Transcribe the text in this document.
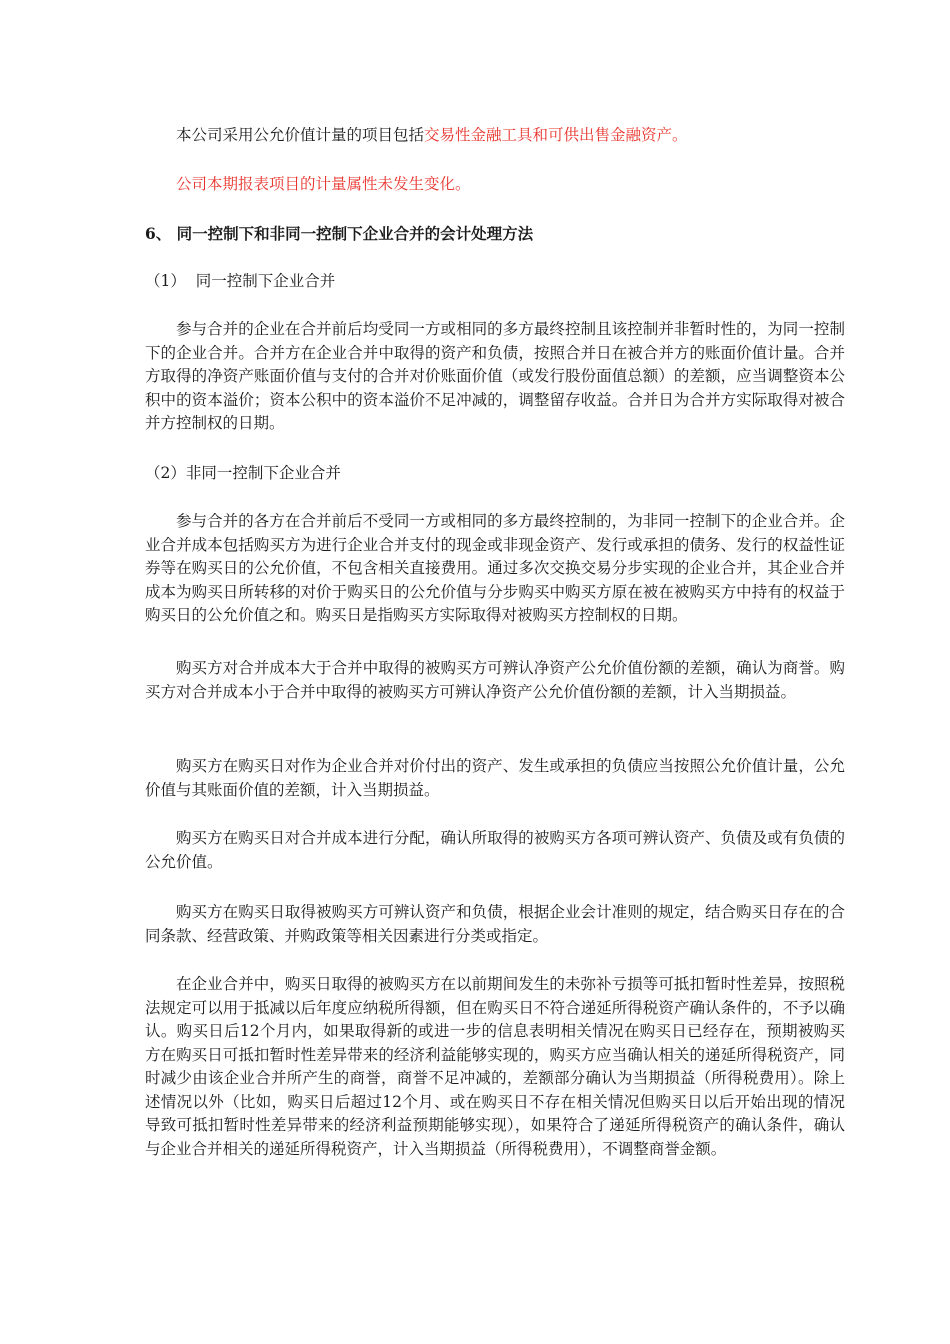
本公司采用公允价值计量的项目包括交易性金融工具和可供出售金融资产。

公司本期报表项目的计量属性未发生变化。

6、 同一控制下和非同一控制下企业合并的会计处理方法

（1）  同一控制下企业合并

参与合并的企业在合并前后均受同一方或相同的多方最终控制且该控制并非暂时性的，为同一控制下的企业合并。合并方在企业合并中取得的资产和负债，按照合并日在被合并方的账面价值计量。合并方取得的净资产账面价值与支付的合并对价账面价值（或发行股份面值总额）的差额，应当调整资本公积中的资本溢价；资本公积中的资本溢价不足冲减的，调整留存收益。合并日为合并方实际取得对被合并方控制权的日期。

（2）非同一控制下企业合并

参与合并的各方在合并前后不受同一方或相同的多方最终控制的，为非同一控制下的企业合并。企业合并成本包括购买方为进行企业合并支付的现金或非现金资产、发行或承担的债务、发行的权益性证券等在购买日的公允价值，不包含相关直接费用。通过多次交换交易分步实现的企业合并，其企业合并成本为购买日所转移的对价于购买日的公允价值与分步购买中购买方原在被在被购买方中持有的权益于购买日的公允价值之和。购买日是指购买方实际取得对被购买方控制权的日期。

购买方对合并成本大于合并中取得的被购买方可辨认净资产公允价值份额的差额，确认为商誉。购买方对合并成本小于合并中取得的被购买方可辨认净资产公允价值份额的差额，计入当期损益。

购买方在购买日对作为企业合并对价付出的资产、发生或承担的负债应当按照公允价值计量，公允价值与其账面价值的差额，计入当期损益。

购买方在购买日对合并成本进行分配，确认所取得的被购买方各项可辨认资产、负债及或有负债的公允价值。

购买方在购买日取得被购买方可辨认资产和负债，根据企业会计准则的规定，结合购买日存在的合同条款、经营政策、并购政策等相关因素进行分类或指定。

在企业合并中，购买日取得的被购买方在以前期间发生的未弥补亏损等可抵扣暂时性差异，按照税法规定可以用于抵减以后年度应纳税所得额，但在购买日不符合递延所得税资产确认条件的，不予以确认。购买日后12个月内，如果取得新的或进一步的信息表明相关情况在购买日已经存在，预期被购买方在购买日可抵扣暂时性差异带来的经济利益能够实现的，购买方应当确认相关的递延所得税资产，同时减少由该企业合并所产生的商誉，商誉不足冲减的，差额部分确认为当期损益（所得税费用）。除上述情况以外（比如，购买日后超过12个月、或在购买日不存在相关情况但购买日以后开始出现的情况导致可抵扣暂时性差异带来的经济利益预期能够实现），如果符合了递延所得税资产的确认条件，确认与企业合并相关的递延所得税资产，计入当期损益（所得税费用），不调整商誉金额。
